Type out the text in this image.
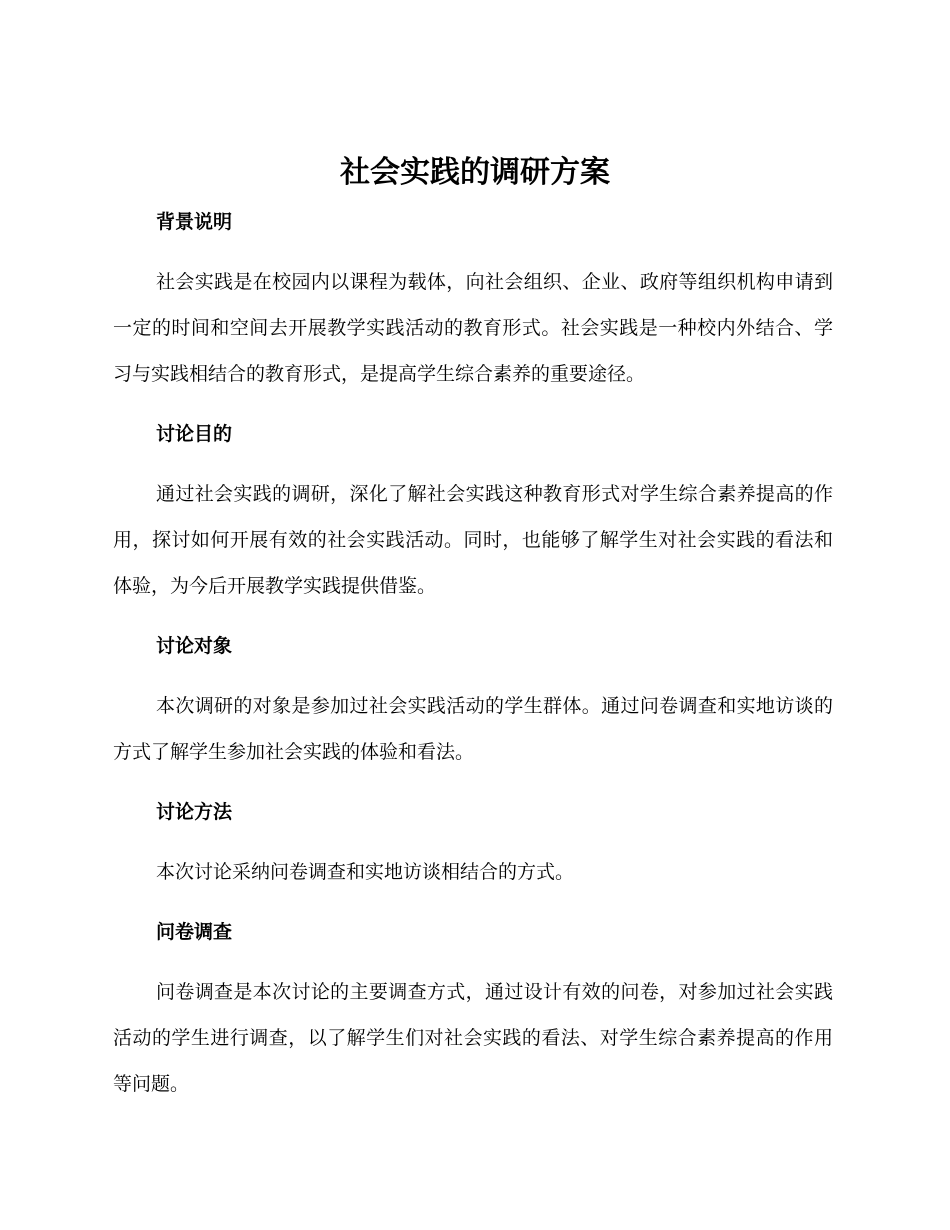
社会实践的调研方案
背景说明

社会实践是在校园内以课程为载体，向社会组织、企业、政府等组织机构申请到一定的时间和空间去开展教学实践活动的教育形式。社会实践是一种校内外结合、学习与实践相结合的教育形式，是提高学生综合素养的重要途径。

讨论目的

通过社会实践的调研，深化了解社会实践这种教育形式对学生综合素养提高的作用，探讨如何开展有效的社会实践活动。同时，也能够了解学生对社会实践的看法和体验，为今后开展教学实践提供借鉴。

讨论对象

本次调研的对象是参加过社会实践活动的学生群体。通过问卷调查和实地访谈的方式了解学生参加社会实践的体验和看法。

讨论方法

本次讨论采纳问卷调查和实地访谈相结合的方式。

问卷调查

问卷调查是本次讨论的主要调查方式，通过设计有效的问卷，对参加过社会实践活动的学生进行调查，以了解学生们对社会实践的看法、对学生综合素养提高的作用等问题。
